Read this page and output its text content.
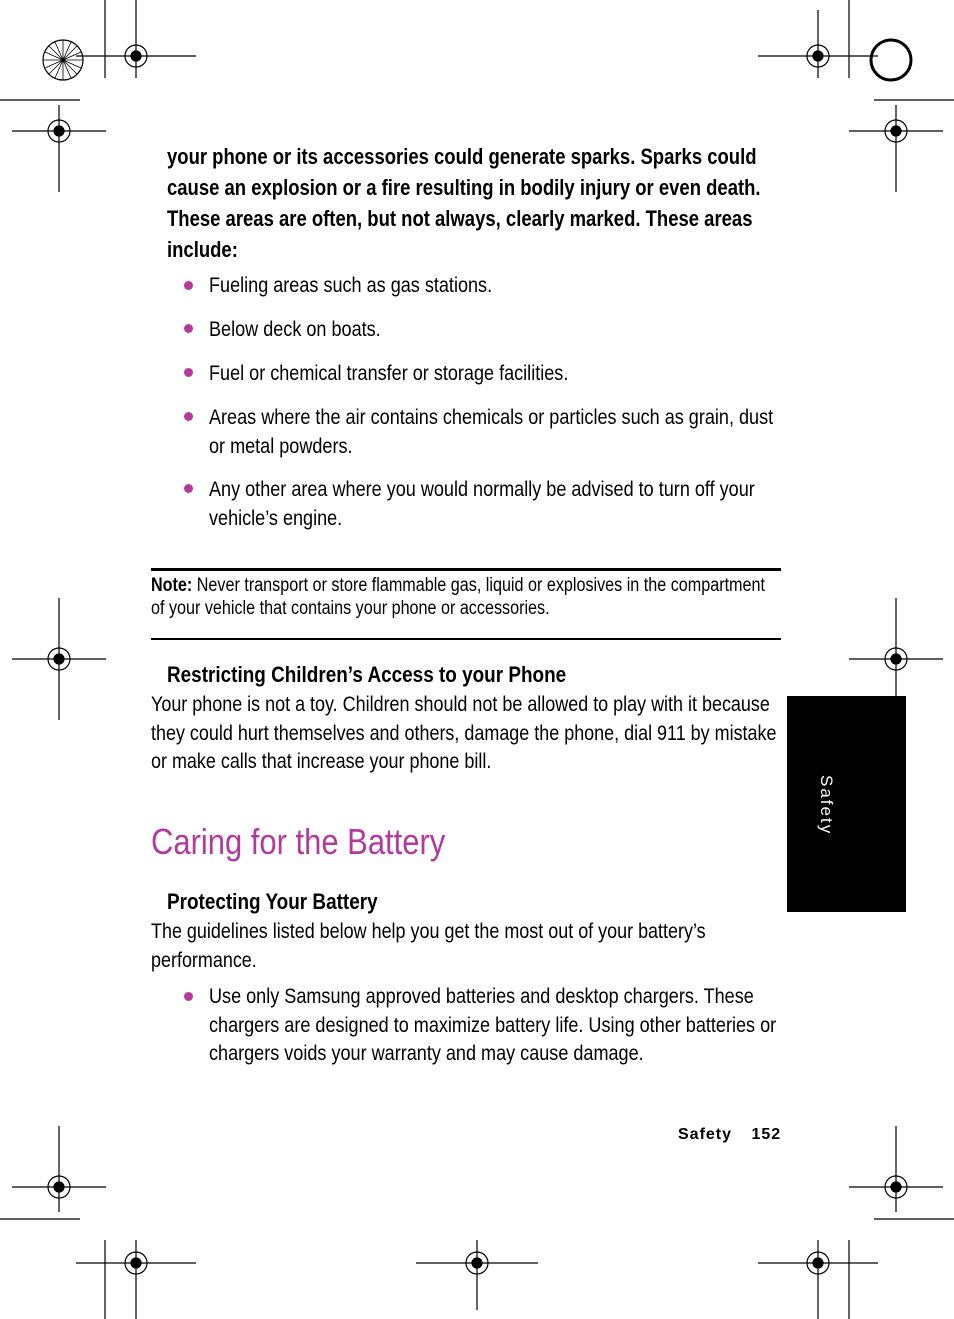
your phone or its accessories could generate sparks. Sparks could cause an explosion or a fire resulting in bodily injury or even death. These areas are often, but not always, clearly marked. These areas include:
Fueling areas such as gas stations.
Below deck on boats.
Fuel or chemical transfer or storage facilities.
Areas where the air contains chemicals or particles such as grain, dust or metal powders.
Any other area where you would normally be advised to turn off your vehicle’s engine.
Note: Never transport or store flammable gas, liquid or explosives in the compartment of your vehicle that contains your phone or accessories.
Restricting Children’s Access to your Phone
Your phone is not a toy. Children should not be allowed to play with it because they could hurt themselves and others, damage the phone, dial 911 by mistake or make calls that increase your phone bill.
Caring for the Battery
Protecting Your Battery
The guidelines listed below help you get the most out of your battery’s performance.
Use only Samsung approved batteries and desktop chargers. These chargers are designed to maximize battery life. Using other batteries or chargers voids your warranty and may cause damage.
Safety
Safety 152
